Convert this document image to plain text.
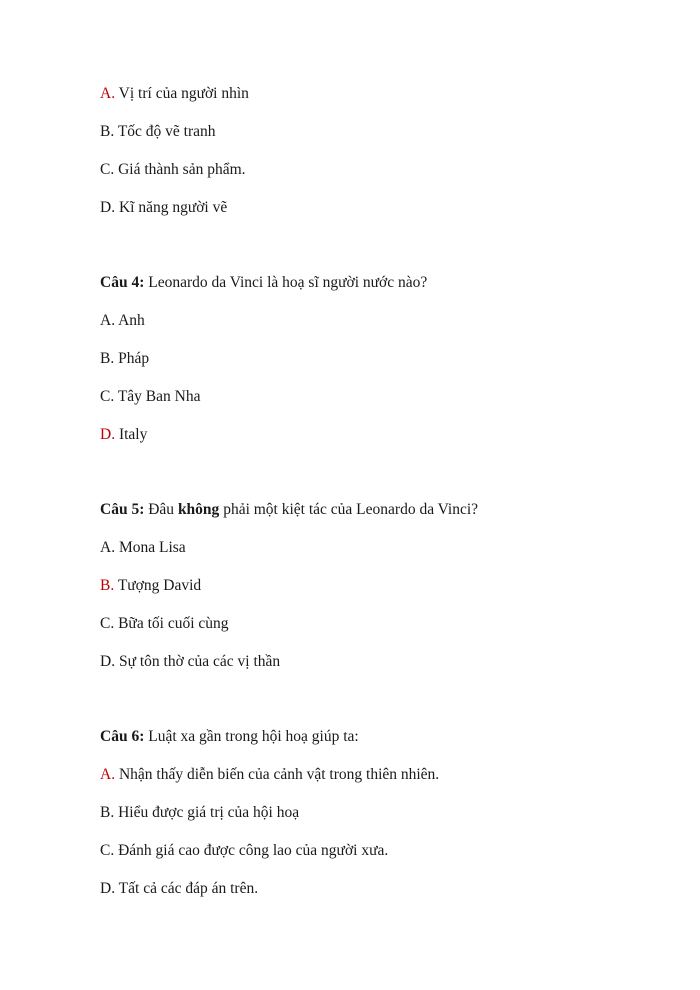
A. Vị trí của người nhìn
B. Tốc độ vẽ tranh
C. Giá thành sản phẩm.
D. Kĩ năng người vẽ
Câu 4: Leonardo da Vinci là hoạ sĩ người nước nào?
A. Anh
B. Pháp
C. Tây Ban Nha
D. Italy
Câu 5: Đâu không phải một kiệt tác của Leonardo da Vinci?
A. Mona Lisa
B. Tượng David
C. Bữa tối cuối cùng
D. Sự tôn thờ của các vị thần
Câu 6: Luật xa gần trong hội hoạ giúp ta:
A. Nhận thấy diễn biến của cảnh vật trong thiên nhiên.
B. Hiểu được giá trị của hội hoạ
C. Đánh giá cao được công lao của người xưa.
D. Tất cả các đáp án trên.
